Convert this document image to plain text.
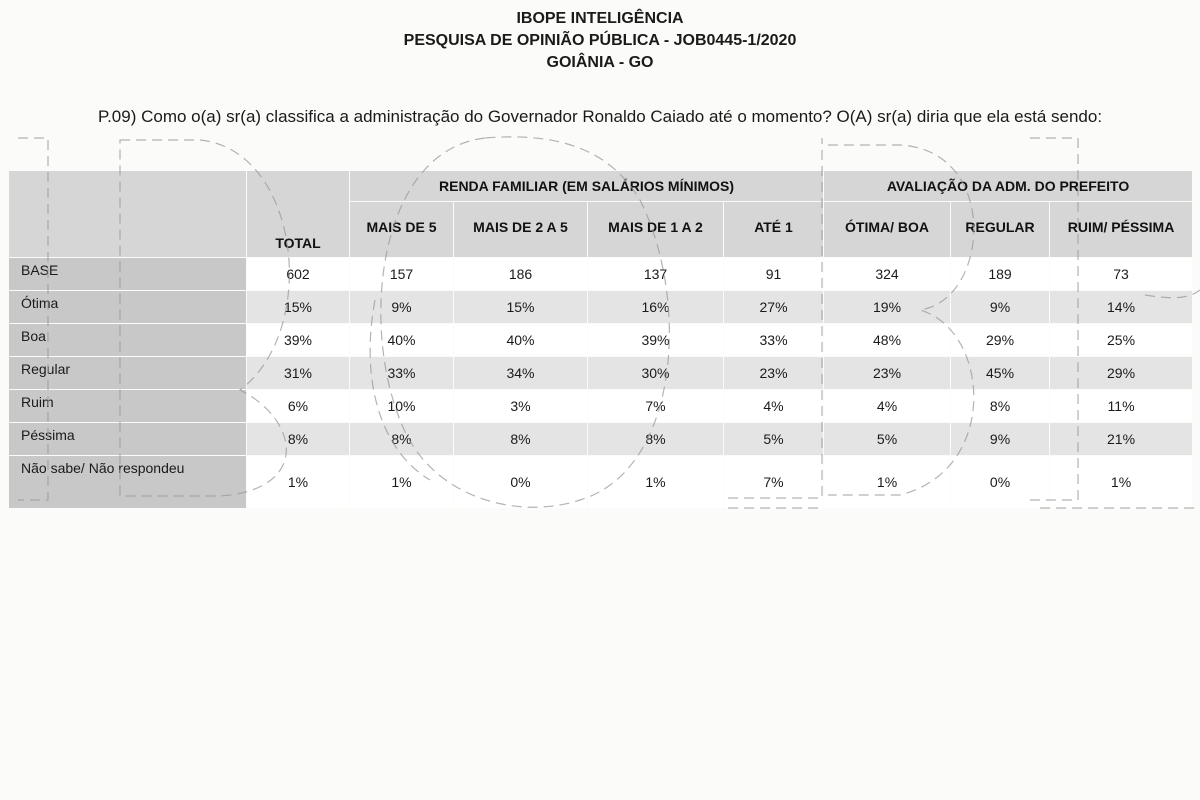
IBOPE INTELIGÊNCIA
PESQUISA DE OPINIÃO PÚBLICA - JOB0445-1/2020
GOIÂNIA - GO
P.09) Como o(a) sr(a) classifica a administração do Governador Ronaldo Caiado até o momento? O(A) sr(a) diria que ela está sendo:
	TOTAL	RENDA FAMILIAR (EM SALÁRIOS MÍNIMOS)				AVALIAÇÃO DA ADM. DO PREFEITO		
		MAIS DE 5	MAIS DE 2 A 5	MAIS DE 1 A 2	ATÉ 1	ÓTIMA/ BOA	REGULAR	RUIM/ PÉSSIMA
BASE	602	157	186	137	91	324	189	73
Ótima	15%	9%	15%	16%	27%	19%	9%	14%
Boa	39%	40%	40%	39%	33%	48%	29%	25%
Regular	31%	33%	34%	30%	23%	23%	45%	29%
Ruim	6%	10%	3%	7%	4%	4%	8%	11%
Péssima	8%	8%	8%	8%	5%	5%	9%	21%
Não sabe/ Não respondeu	1%	1%	0%	1%	7%	1%	0%	1%
